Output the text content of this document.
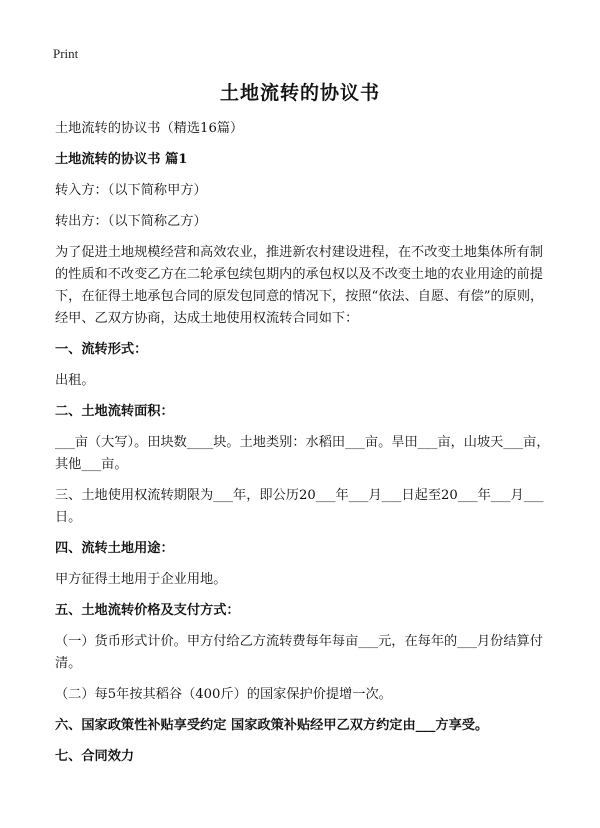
Print
土地流转的协议书

土地流转的协议书（精选16篇）

土地流转的协议书 篇1

转入方：（以下简称甲方）

转出方：（以下简称乙方）

为了促进土地规模经营和高效农业，推进新农村建设进程，在不改变土地集体所有制的性质和不改变乙方在二轮承包续包期内的承包权以及不改变土地的农业用途的前提下，在征得土地承包合同的原发包同意的情况下，按照“依法、自愿、有偿”的原则，经甲、乙双方协商，达成土地使用权流转合同如下：

一、流转形式：

出租。

二、土地流转面积：

___亩（大写）。田块数____块。土地类别：水稻田___亩。旱田___亩，山坡天___亩，其他___亩。

三、土地使用权流转期限为___年，即公历20___年___月___日起至20___年___月___日。

四、流转土地用途：

甲方征得土地用于企业用地。

五、土地流转价格及支付方式：

（一）货币形式计价。甲方付给乙方流转费每年每亩___元，在每年的___月份结算付清。

（二）每5年按其稻谷（400斤）的国家保护价提增一次。

六、国家政策性补贴享受约定 国家政策补贴经甲乙双方约定由___方享受。

七、合同效力
